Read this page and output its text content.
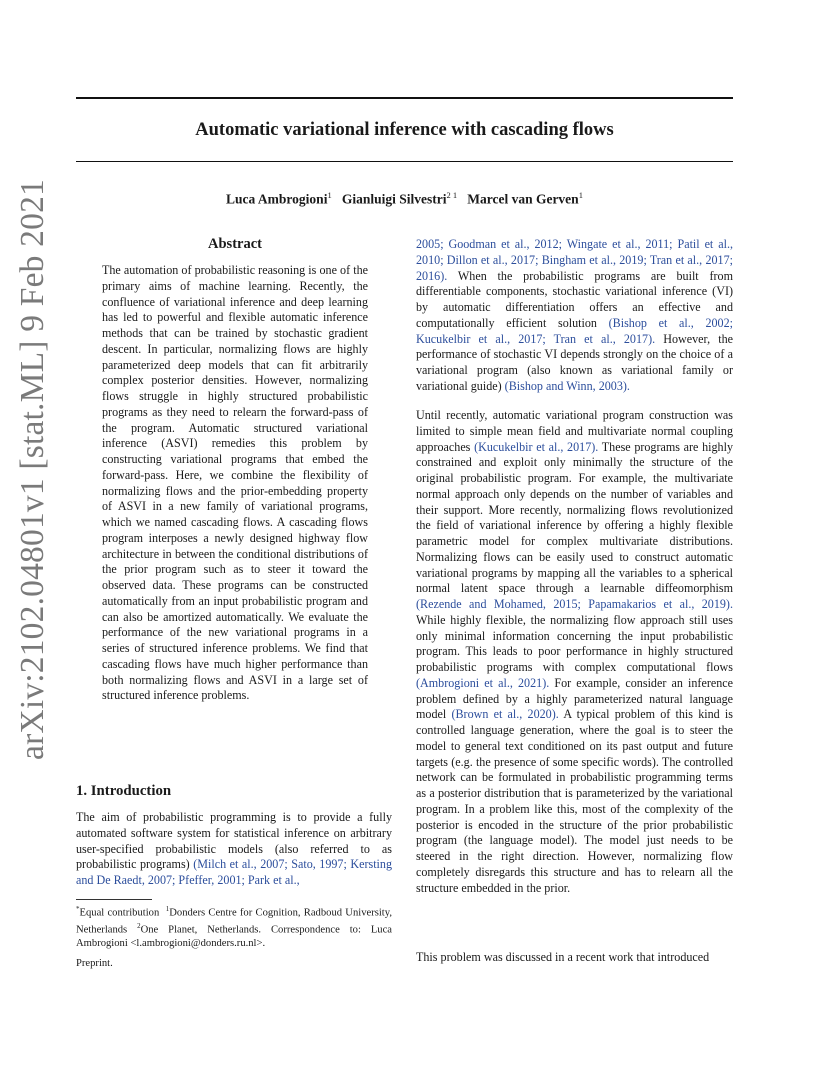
Automatic variational inference with cascading flows
Luca Ambrogioni$^1$ Gianluigi Silvestri$^{2 1}$ Marcel van Gerven$^1$
arXiv:2102.04801v1 [stat.ML] 9 Feb 2021	Abstract
The automation of probabilistic reasoning is one of the primary aims of machine learning. Recently, the confluence of variational inference and deep learning has led to powerful and flexible automatic inference methods that can be trained by stochastic gradient descent. In particular, normalizing flows are highly parameterized deep models that can fit arbitrarily complex posterior densities. However, normalizing flows struggle in highly structured probabilistic programs as they need to relearn the forward-pass of the program. Automatic structured variational inference (ASVI) remedies this problem by constructing variational programs that embed the forward-pass. Here, we combine the flexibility of normalizing flows and the prior-embedding property of ASVI in a new family of variational programs, which we named cascading flows. A cascading flows program interposes a newly designed highway flow architecture in between the conditional distributions of the prior program such as to steer it toward the observed data. These programs can be constructed automatically from an input probabilistic program and can also be amortized automatically. We evaluate the performance of the new variational programs in a series of structured inference problems. We find that cascading flows have much higher performance than both normalizing flows and ASVI in a large set of structured inference problems.
1. Introduction
The aim of probabilistic programming is to provide a fully automated software system for statistical inference on arbitrary user-specified probabilistic models (also referred to as probabilistic programs) (Milch et al., 2007; Sato, 1997; Kersting and De Raedt, 2007; Pfeffer, 2001; Park et al.,
*Equal contribution $^1$Donders Centre for Cognition, Radboud University, Netherlands $^2$One Planet, Netherlands. Correspondence to: Luca Ambrogioni <l.ambrogioni@donders.ru.nl>.
Preprint.
2005; Goodman et al., 2012; Wingate et al., 2011; Patil et al., 2010; Dillon et al., 2017; Bingham et al., 2019; Tran et al., 2017; 2016). When the probabilistic programs are built from differentiable components, stochastic variational inference (VI) by automatic differentiation offers an effective and computationally efficient solution (Bishop et al., 2002; Kucukelbir et al., 2017; Tran et al., 2017). However, the performance of stochastic VI depends strongly on the choice of a variational program (also known as variational family or variational guide) (Bishop and Winn, 2003).
Until recently, automatic variational program construction was limited to simple mean field and multivariate normal coupling approaches (Kucukelbir et al., 2017). These programs are highly constrained and exploit only minimally the structure of the original probabilistic program. For example, the multivariate normal approach only depends on the number of variables and their support. More recently, normalizing flows revolutionized the field of variational inference by offering a highly flexible parametric model for complex multivariate distributions. Normalizing flows can be easily used to construct automatic variational programs by mapping all the variables to a spherical normal latent space through a learnable diffeomorphism (Rezende and Mohamed, 2015; Papamakarios et al., 2019). While highly flexible, the normalizing flow approach still uses only minimal information concerning the input probabilistic program. This leads to poor performance in highly structured probabilistic programs with complex computational flows (Ambrogioni et al., 2021). For example, consider an inference problem defined by a highly parameterized natural language model (Brown et al., 2020). A typical problem of this kind is controlled language generation, where the goal is to steer the model to general text conditioned on its past output and future targets (e.g. the presence of some specific words). The controlled network can be formulated in probabilistic programming terms as a posterior distribution that is parameterized by the variational program. In a problem like this, most of the complexity of the posterior is encoded in the structure of the prior probabilistic program (the language model). The model just needs to be steered in the right direction. However, normalizing flow completely disregards this structure and has to relearn all the structure embedded in the prior.
This problem was discussed in a recent work that introduced
